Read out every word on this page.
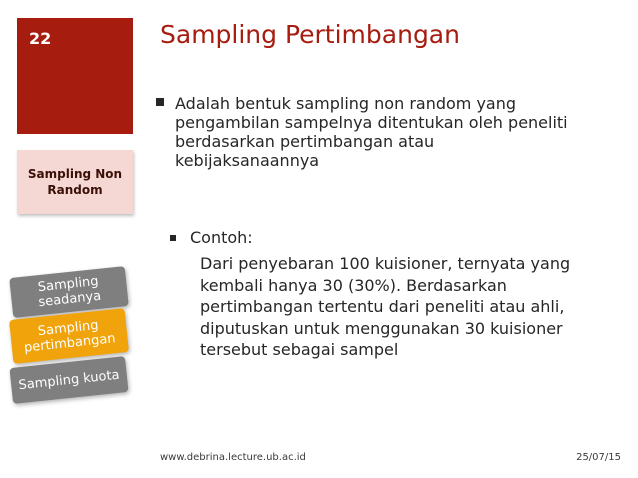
22	Sampling Pertimbangan
Sampling Non Random
Sampling seadanya
Sampling pertimbangan
Sampling kuota
Adalah bentuk sampling non random yang pengambilan sampelnya ditentukan oleh peneliti berdasarkan pertimbangan atau kebijaksanaannya
Contoh:
Dari penyebaran 100 kuisioner, ternyata yang kembali hanya 30 (30%). Berdasarkan pertimbangan tertentu dari peneliti atau ahli, diputuskan untuk menggunakan 30 kuisioner tersebut sebagai sampel
www.debrina.lecture.ub.ac.id	25/07/15
